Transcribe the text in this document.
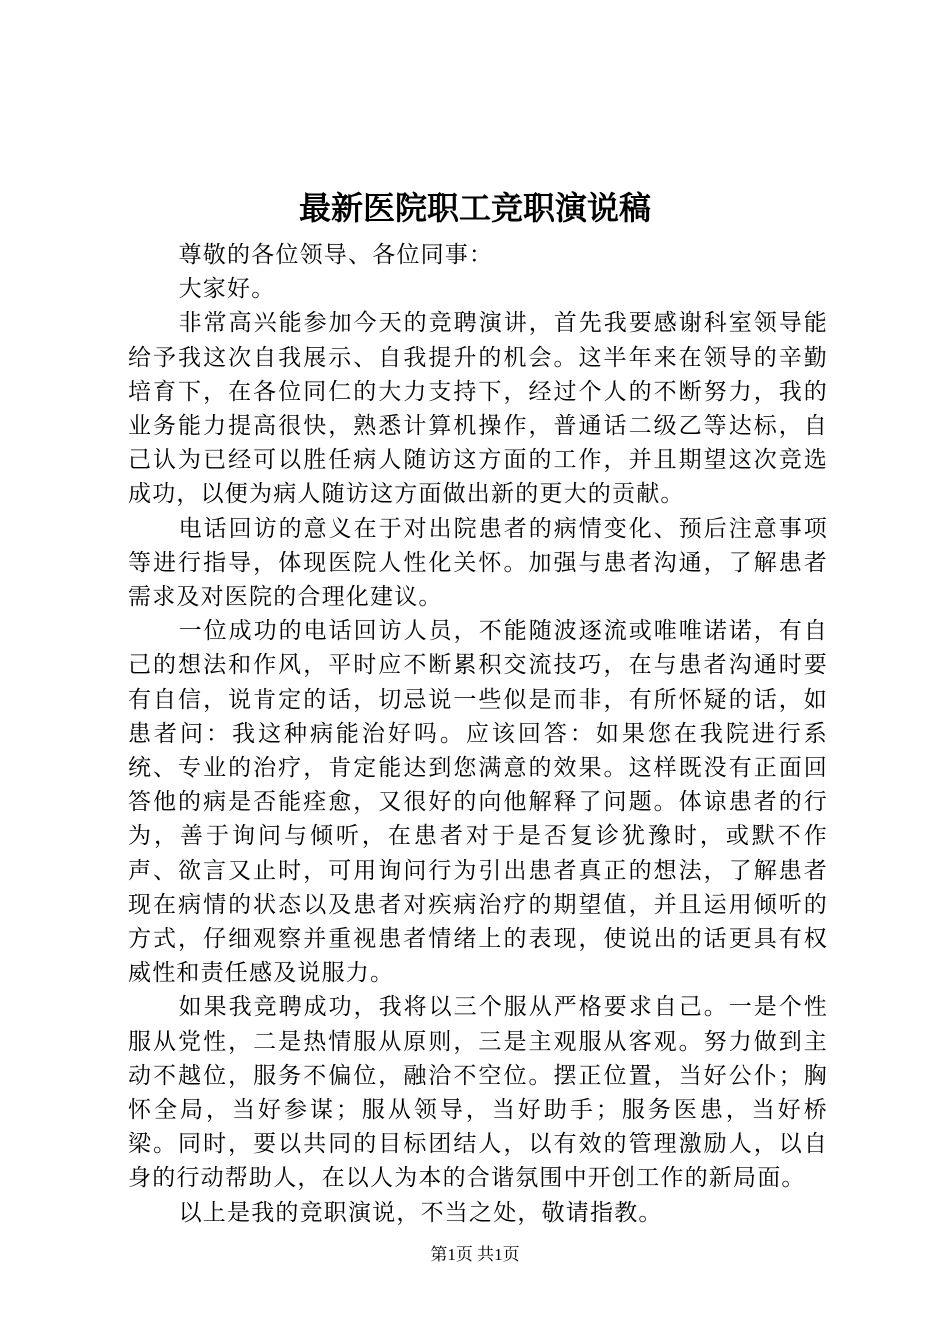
最新医院职工竞职演说稿

尊敬的各位领导、各位同事：

大家好。

非常高兴能参加今天的竞聘演讲，首先我要感谢科室领导能给予我这次自我展示、自我提升的机会。这半年来在领导的辛勤培育下，在各位同仁的大力支持下，经过个人的不断努力，我的业务能力提高很快，熟悉计算机操作，普通话二级乙等达标，自己认为已经可以胜任病人随访这方面的工作，并且期望这次竞选成功，以便为病人随访这方面做出新的更大的贡献。

电话回访的意义在于对出院患者的病情变化、预后注意事项等进行指导，体现医院人性化关怀。加强与患者沟通，了解患者需求及对医院的合理化建议。

一位成功的电话回访人员，不能随波逐流或唯唯诺诺，有自己的想法和作风，平时应不断累积交流技巧，在与患者沟通时要有自信，说肯定的话，切忌说一些似是而非，有所怀疑的话，如患者问：我这种病能治好吗。应该回答：如果您在我院进行系统、专业的治疗，肯定能达到您满意的效果。这样既没有正面回答他的病是否能痊愈，又很好的向他解释了问题。体谅患者的行为，善于询问与倾听，在患者对于是否复诊犹豫时，或默不作声、欲言又止时，可用询问行为引出患者真正的想法，了解患者现在病情的状态以及患者对疾病治疗的期望值，并且运用倾听的方式，仔细观察并重视患者情绪上的表现，使说出的话更具有权威性和责任感及说服力。

如果我竞聘成功，我将以三个服从严格要求自己。一是个性服从党性，二是热情服从原则，三是主观服从客观。努力做到主动不越位，服务不偏位，融洽不空位。摆正位置，当好公仆；胸怀全局，当好参谋；服从领导，当好助手；服务医患，当好桥梁。同时，要以共同的目标团结人，以有效的管理激励人，以自身的行动帮助人，在以人为本的合谐氛围中开创工作的新局面。

以上是我的竞职演说，不当之处，敬请指教。

第1页 共1页
